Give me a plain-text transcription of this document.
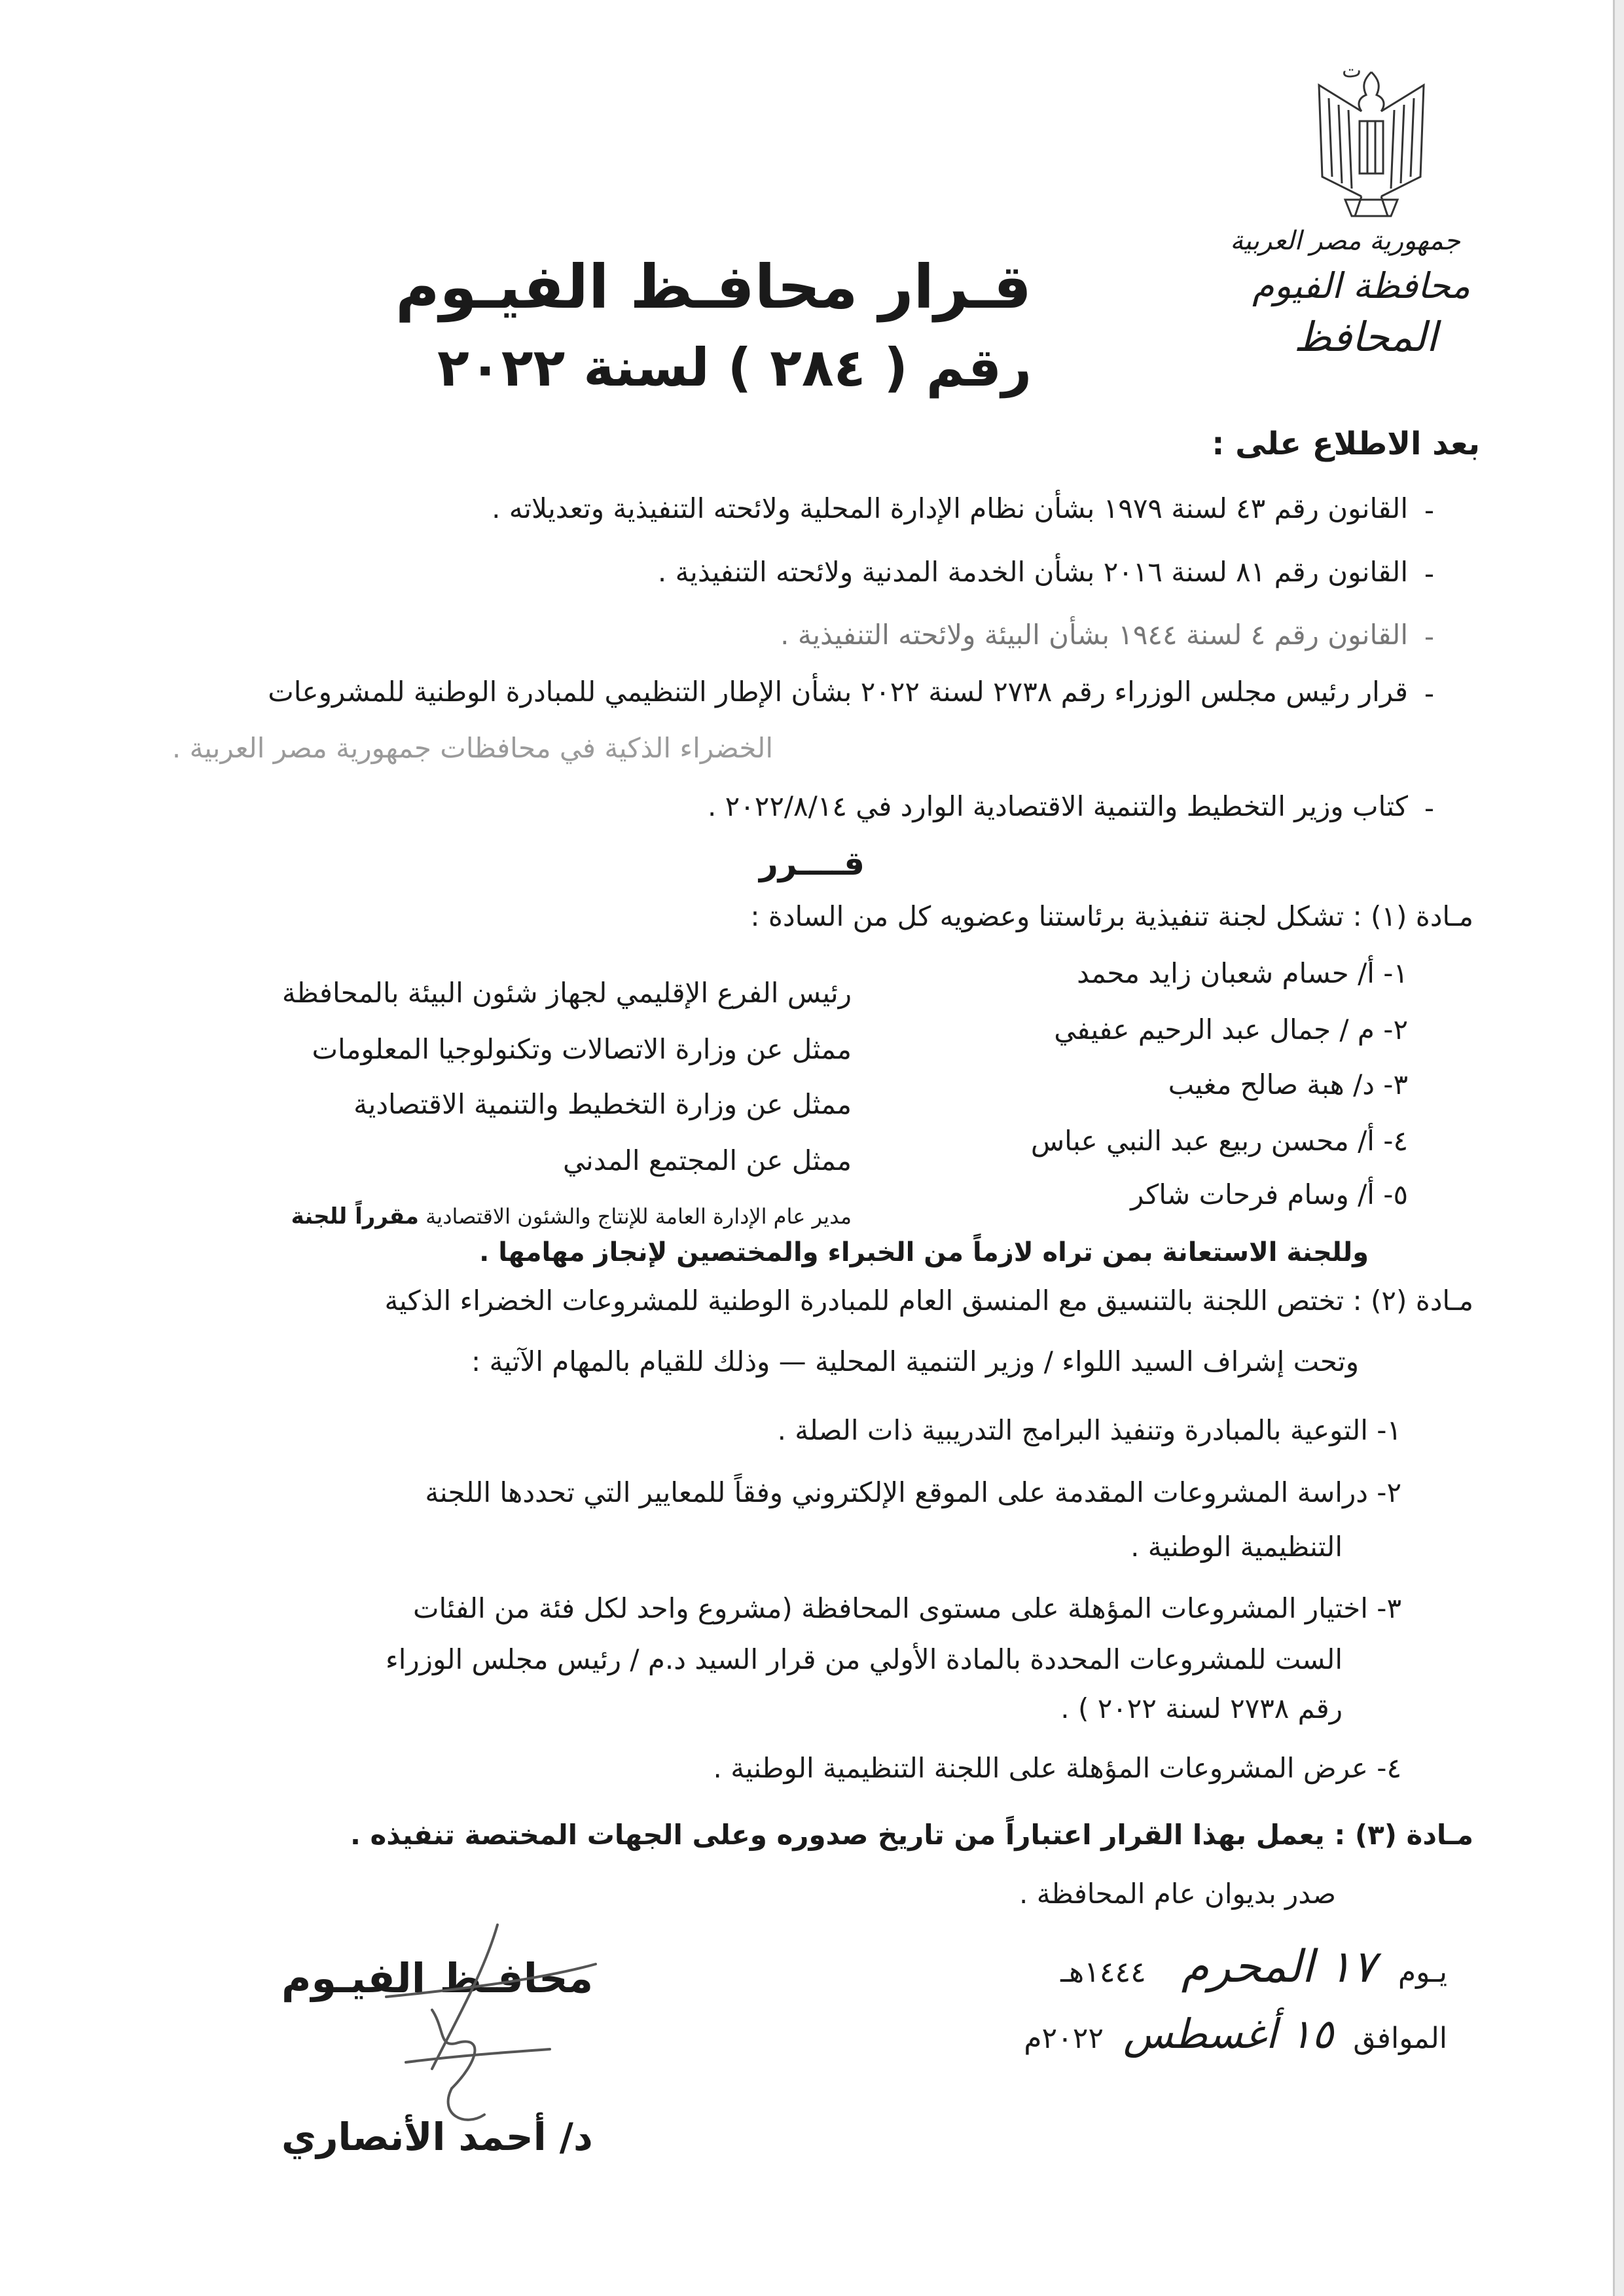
ت
جمهورية مصر العربية
محافظة الفيوم
المحافظ
قـرار محافـظ الفيـوم
رقم ( ٢٨٤ ) لسنة ٢٠٢٢
بعد الاطلاع على :
-
القانون رقم ٤٣ لسنة ١٩٧٩ بشأن نظام الإدارة المحلية ولائحته التنفيذية وتعديلاته .
-
القانون رقم ٨١ لسنة ٢٠١٦ بشأن الخدمة المدنية ولائحته التنفيذية .
-
القانون رقم ٤ لسنة ١٩٤٤ بشأن البيئة ولائحته التنفيذية .
-
قرار رئيس مجلس الوزراء رقم ٢٧٣٨ لسنة ٢٠٢٢ بشأن الإطار التنظيمي للمبادرة الوطنية للمشروعات
الخضراء الذكية في محافظات جمهورية مصر العربية .
-
كتاب وزير التخطيط والتنمية الاقتصادية الوارد في ٢٠٢٢/٨/١٤ .
قــــرر
مـادة (١) : تشكل لجنة تنفيذية برئاستنا وعضويه كل من السادة :
١- أ/ حسام شعبان زايد محمد
رئيس الفرع الإقليمي لجهاز شئون البيئة بالمحافظة
٢- م / جمال عبد الرحيم عفيفي
ممثل عن وزارة الاتصالات وتكنولوجيا المعلومات
٣- د/ هبة صالح مغيب
ممثل عن وزارة التخطيط والتنمية الاقتصادية
٤- أ/ محسن ربيع عبد النبي عباس
ممثل عن المجتمع المدني
٥- أ/ وسام فرحات شاكر
مدير عام الإدارة العامة للإنتاج والشئون الاقتصادية مقرراً للجنة
وللجنة الاستعانة بمن تراه لازماً من الخبراء والمختصين لإنجاز مهامها .
مـادة (٢) : تختص اللجنة بالتنسيق مع المنسق العام للمبادرة الوطنية للمشروعات الخضراء الذكية
وتحت إشراف السيد اللواء / وزير التنمية المحلية — وذلك للقيام بالمهام الآتية :
١- التوعية بالمبادرة وتنفيذ البرامج التدريبية ذات الصلة .
٢- دراسة المشروعات المقدمة على الموقع الإلكتروني وفقاً للمعايير التي تحددها اللجنة
التنظيمية الوطنية .
٣- اختيار المشروعات المؤهلة على مستوى المحافظة (مشروع واحد لكل فئة من الفئات
الست للمشروعات المحددة بالمادة الأولي من قرار السيد د.م / رئيس مجلس الوزراء
رقم ٢٧٣٨ لسنة ٢٠٢٢ ) .
٤- عرض المشروعات المؤهلة على اللجنة التنظيمية الوطنية .
مـادة (٣) : يعمل بهذا القرار اعتباراً من تاريخ صدوره وعلى الجهات المختصة تنفيذه .
صدر بديوان عام المحافظة .
يـوم ١٧ المحرم ١٤٤٤هـ
الموافق ١٥ أغسطس ٢٠٢٢م
محافـظ الفيـوم
د/ أحمد الأنصاري
